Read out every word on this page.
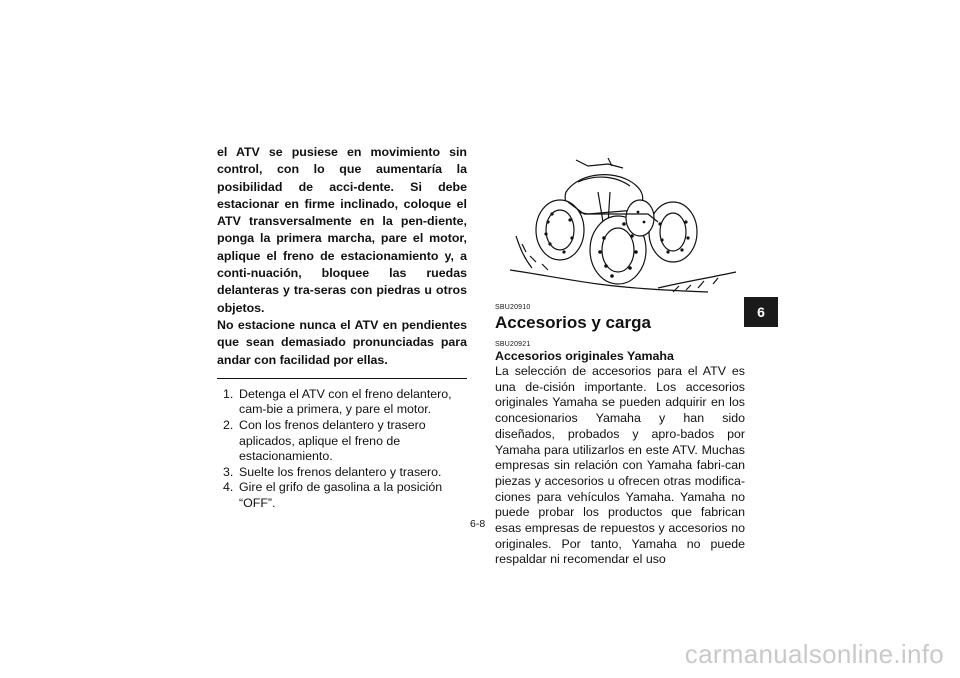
el ATV se pusiese en movimiento sin control, con lo que aumentaría la posibilidad de acci-dente. Si debe estacionar en firme inclinado, coloque el ATV transversalmente en la pen-diente, ponga la primera marcha, pare el motor, aplique el freno de estacionamiento y, a conti-nuación, bloquee las ruedas delanteras y tra-seras con piedras u otros objetos.

No estacione nunca el ATV en pendientes que sean demasiado pronunciadas para andar con facilidad por ellas.

1. Detenga el ATV con el freno delantero, cam-bie a primera, y pare el motor.
2. Con los frenos delantero y trasero aplicados, aplique el freno de estacionamiento.
3. Suelte los frenos delantero y trasero.
4. Gire el grifo de gasolina a la posición “OFF”.

SBU20910

Accesorios y carga

SBU20921

Accesorios originales Yamaha

La selección de accesorios para el ATV es una de-cisión importante. Los accesorios originales Yamaha se pueden adquirir en los concesionarios Yamaha y han sido diseñados, probados y apro-bados por Yamaha para utilizarlos en este ATV. Muchas empresas sin relación con Yamaha fabri-can piezas y accesorios u ofrecen otras modifica-ciones para vehículos Yamaha. Yamaha no puede probar los productos que fabrican esas empresas de repuestos y accesorios no originales. Por tanto, Yamaha no puede respaldar ni recomendar el uso

6
6-8
carmanualsonline.info
